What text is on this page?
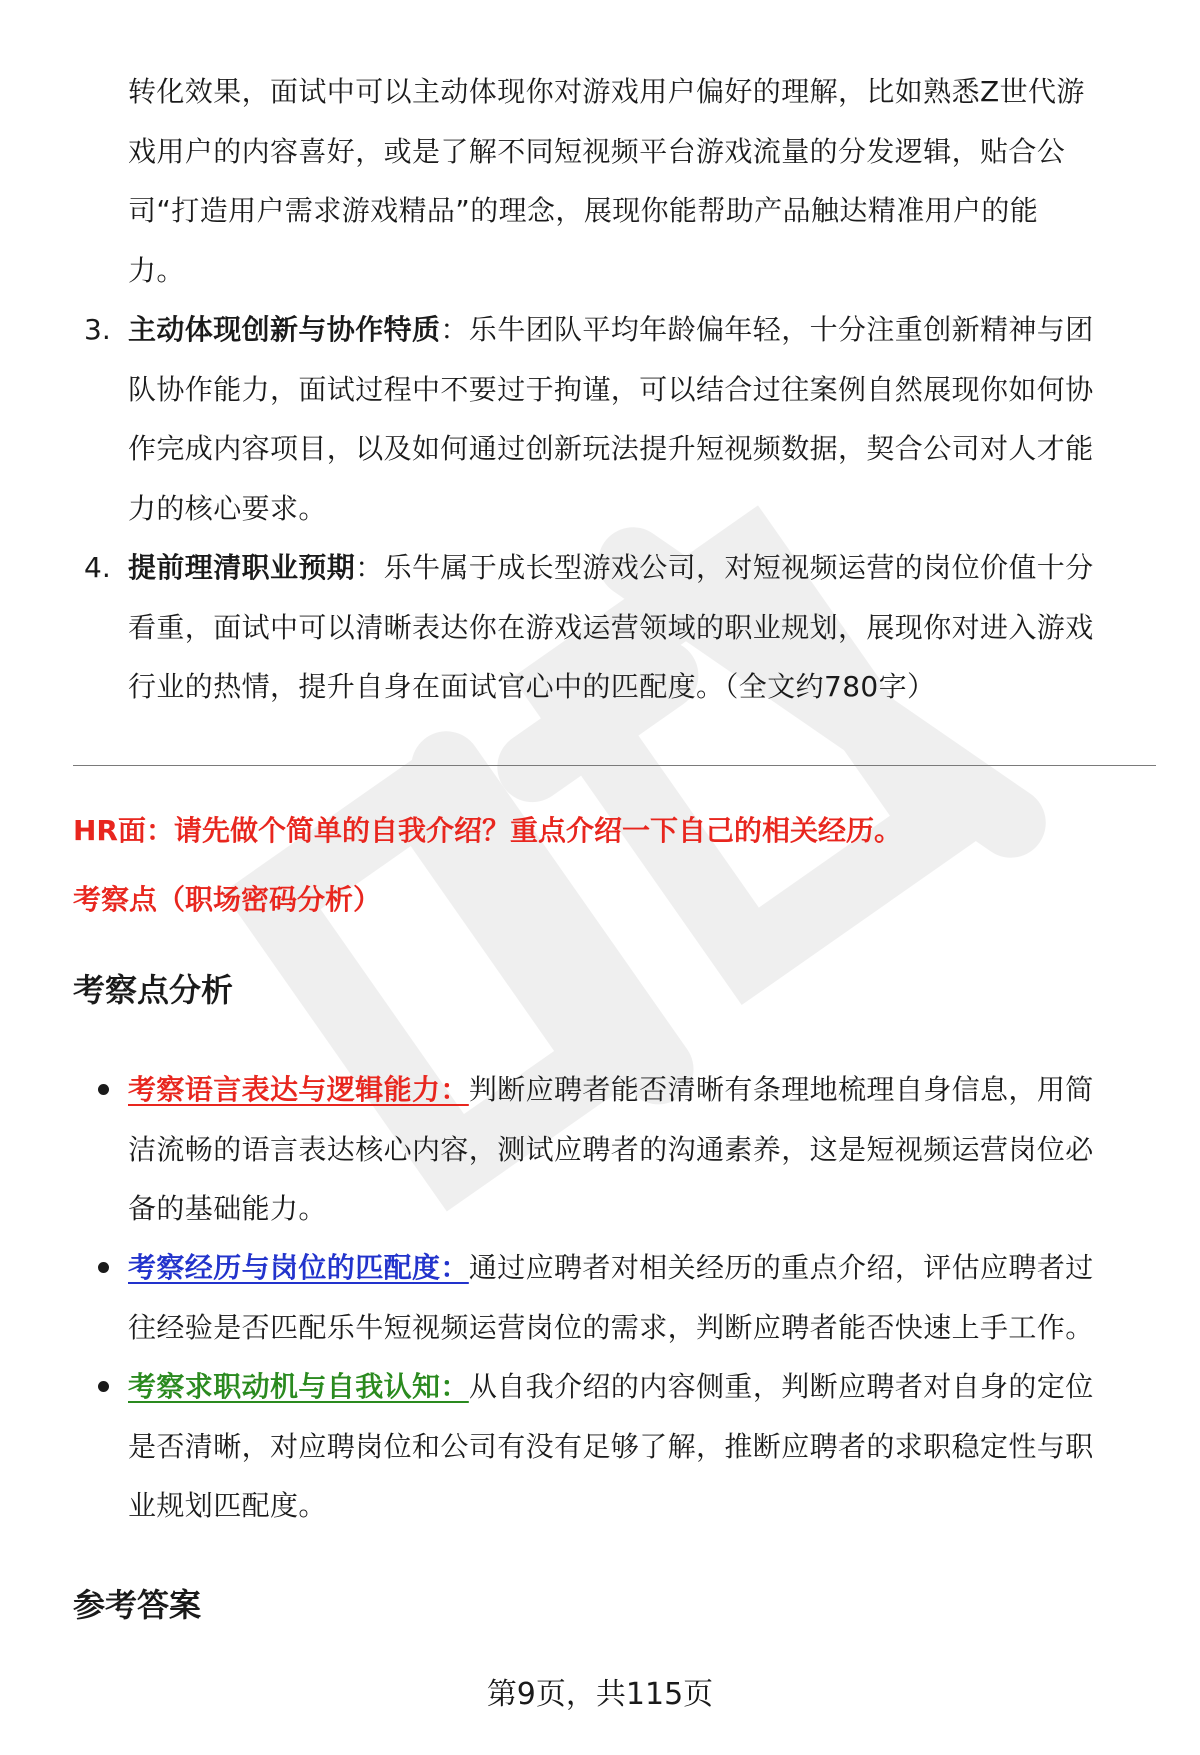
转化效果，面试中可以主动体现你对游戏用户偏好的理解，比如熟悉Z世代游
戏用户的内容喜好，或是了解不同短视频平台游戏流量的分发逻辑，贴合公
司“打造用户需求游戏精品”的理念，展现你能帮助产品触达精准用户的能
力。
3. 主动体现创新与协作特质：乐牛团队平均年龄偏年轻，十分注重创新精神与团
队协作能力，面试过程中不要过于拘谨，可以结合过往案例自然展现你如何协
作完成内容项目，以及如何通过创新玩法提升短视频数据，契合公司对人才能
力的核心要求。
4. 提前理清职业预期：乐牛属于成长型游戏公司，对短视频运营的岗位价值十分
看重，面试中可以清晰表达你在游戏运营领域的职业规划，展现你对进入游戏
行业的热情，提升自身在面试官心中的匹配度。（全文约780字）
HR面：请先做个简单的自我介绍？重点介绍一下自己的相关经历。
考察点（职场密码分析）
考察点分析
考察语言表达与逻辑能力：判断应聘者能否清晰有条理地梳理自身信息，用简
洁流畅的语言表达核心内容，测试应聘者的沟通素养，这是短视频运营岗位必
备的基础能力。
考察经历与岗位的匹配度：通过应聘者对相关经历的重点介绍，评估应聘者过
往经验是否匹配乐牛短视频运营岗位的需求，判断应聘者能否快速上手工作。
考察求职动机与自我认知：从自我介绍的内容侧重，判断应聘者对自身的定位
是否清晰，对应聘岗位和公司有没有足够了解，推断应聘者的求职稳定性与职
业规划匹配度。
参考答案
第9页，共115页
